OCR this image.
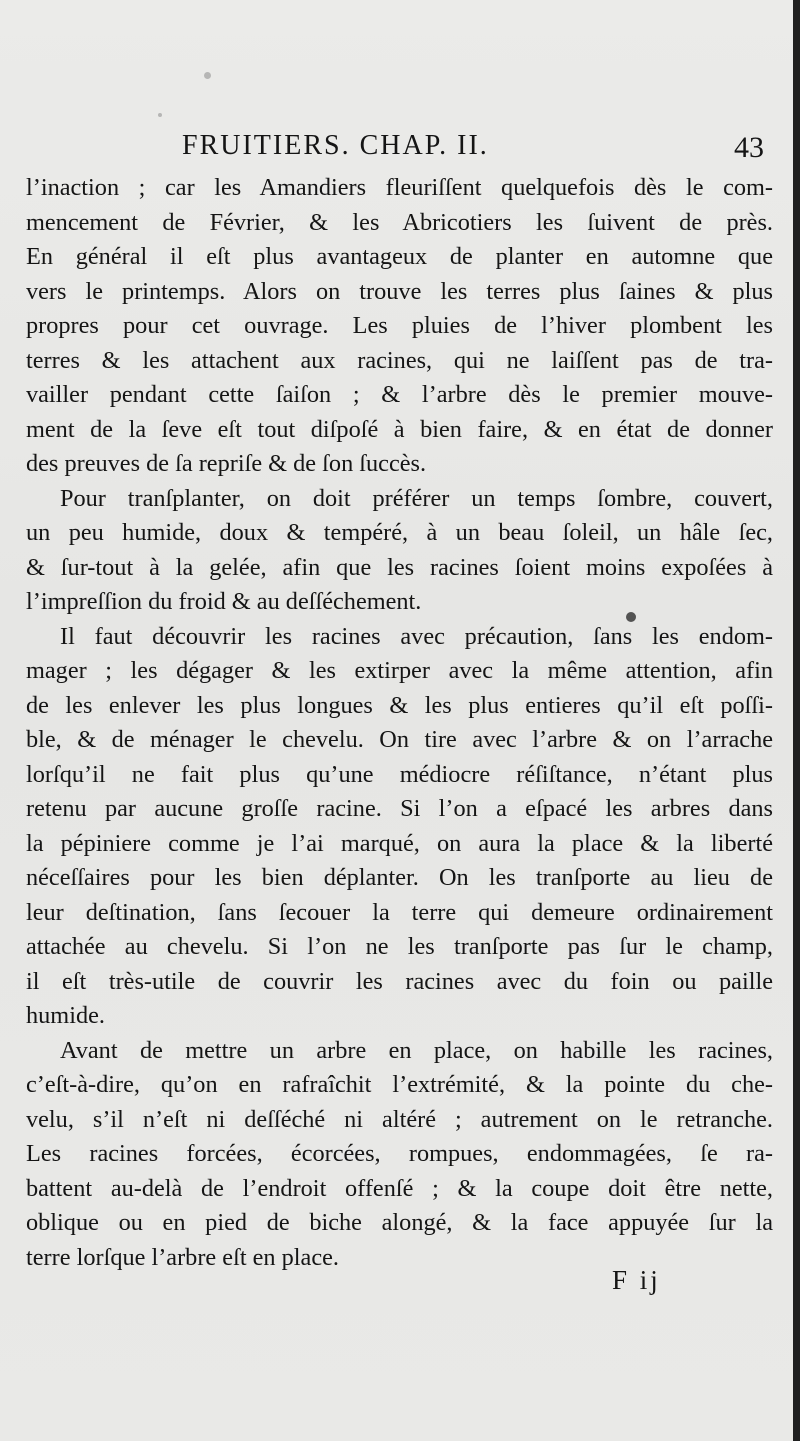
FRUITIERS. CHAP. II.	43
l’inaction ; car les Amandiers fleuriſſent quelquefois dès le com-
mencement de Février, & les Abricotiers les ſuivent de près.
En général il eſt plus avantageux de planter en automne que
vers le printemps. Alors on trouve les terres plus ſaines & plus
propres pour cet ouvrage. Les pluies de l’hiver plombent les
terres & les attachent aux racines, qui ne laiſſent pas de tra-
vailler pendant cette ſaiſon ; & l’arbre dès le premier mouve-
ment de la ſeve eſt tout diſpoſé à bien faire, & en état de donner
des preuves de ſa repriſe & de ſon ſuccès.
Pour tranſplanter, on doit préférer un temps ſombre, couvert,
un peu humide, doux & tempéré, à un beau ſoleil, un hâle ſec,
& ſur-tout à la gelée, afin que les racines ſoient moins expoſées à
l’impreſſion du froid & au deſſéchement.
Il faut découvrir les racines avec précaution, ſans les endom-
mager ; les dégager & les extirper avec la même attention, afin
de les enlever les plus longues & les plus entieres qu’il eſt poſſi-
ble, & de ménager le chevelu. On tire avec l’arbre & on l’arrache
lorſqu’il ne fait plus qu’une médiocre réſiſtance, n’étant plus
retenu par aucune groſſe racine. Si l’on a eſpacé les arbres dans
la pépiniere comme je l’ai marqué, on aura la place & la liberté
néceſſaires pour les bien déplanter. On les tranſporte au lieu de
leur deſtination, ſans ſecouer la terre qui demeure ordinairement
attachée au chevelu. Si l’on ne les tranſporte pas ſur le champ,
il eſt très-utile de couvrir les racines avec du foin ou paille
humide.
Avant de mettre un arbre en place, on habille les racines,
c’eſt-à-dire, qu’on en rafraîchit l’extrémité, & la pointe du che-
velu, s’il n’eſt ni deſſéché ni altéré ; autrement on le retranche.
Les racines forcées, écorcées, rompues, endommagées, ſe ra-
battent au-delà de l’endroit offenſé ; & la coupe doit être nette,
oblique ou en pied de biche alongé, & la face appuyée ſur la
terre lorſque l’arbre eſt en place.
F ij
